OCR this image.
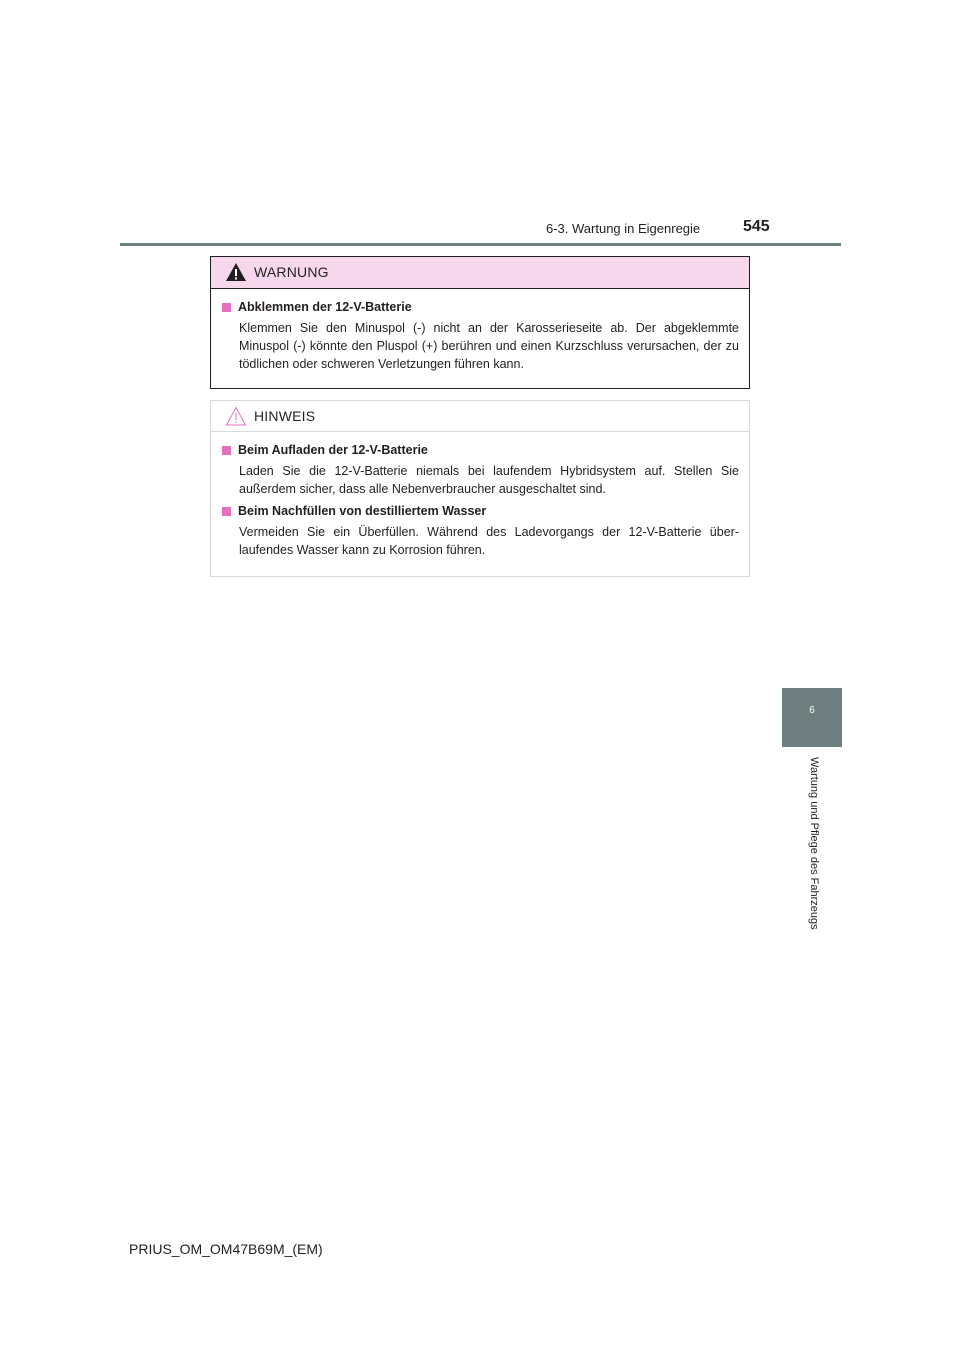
6-3. Wartung in Eigenregie	545
6
Wartung und Pflege des Fahrzeugs
WARNUNG
Abklemmen der 12-V-Batterie
Klemmen Sie den Minuspol (-) nicht an der Karosserieseite ab. Der abgeklemmte Minuspol (-) könnte den Pluspol (+) berühren und einen Kurzschluss verursachen, der zu tödlichen oder schweren Verletzungen führen kann.
HINWEIS
Beim Aufladen der 12-V-Batterie
Laden Sie die 12-V-Batterie niemals bei laufendem Hybridsystem auf. Stellen Sie außerdem sicher, dass alle Nebenverbraucher ausgeschaltet sind.
Beim Nachfüllen von destilliertem Wasser
Vermeiden Sie ein Überfüllen. Während des Ladevorgangs der 12-V-Batterie über-laufendes Wasser kann zu Korrosion führen.
PRIUS_OM_OM47B69M_(EM)
